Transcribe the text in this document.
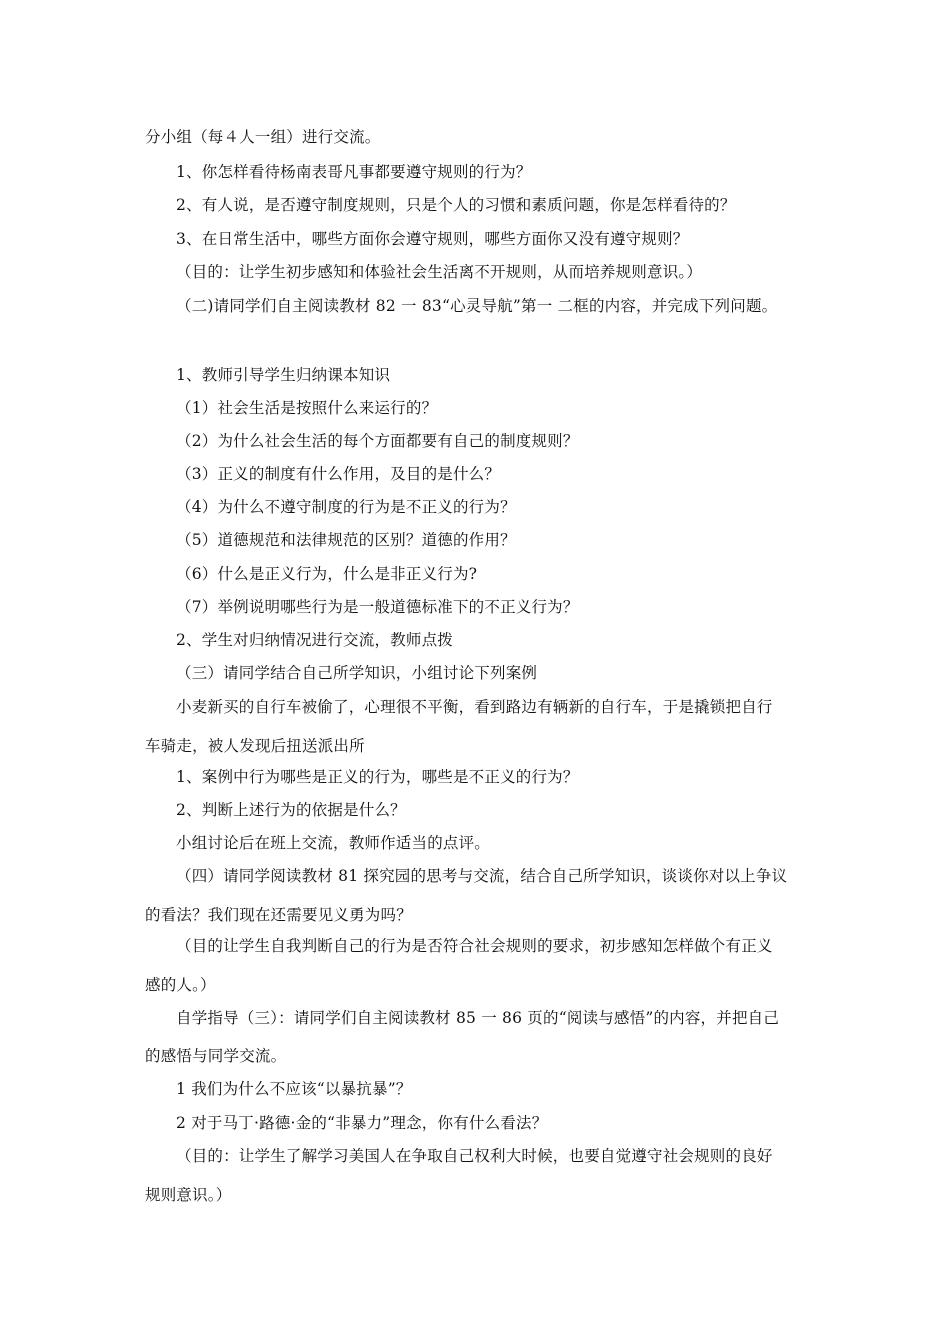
分小组（每４人一组）进行交流。
1、你怎样看待杨南表哥凡事都要遵守规则的行为？
2、有人说，是否遵守制度规则，只是个人的习惯和素质问题，你是怎样看待的？
3、在日常生活中，哪些方面你会遵守规则，哪些方面你又没有遵守规则？
（目的：让学生初步感知和体验社会生活离不开规则，从而培养规则意识。）
（二)请同学们自主阅读教材 82 一 83“心灵导航”第一 二框的内容，并完成下列问题。
1、教师引导学生归纳课本知识
（1）社会生活是按照什么来运行的？
（2）为什么社会生活的每个方面都要有自己的制度规则？
（3）正义的制度有什么作用，及目的是什么？
（4）为什么不遵守制度的行为是不正义的行为？
（5）道德规范和法律规范的区别？道德的作用？
（6）什么是正义行为，什么是非正义行为?
（7）举例说明哪些行为是一般道德标准下的不正义行为？
2、学生对归纳情况进行交流，教师点拨
（三）请同学结合自己所学知识，小组讨论下列案例
小麦新买的自行车被偷了，心理很不平衡，看到路边有辆新的自行车，于是撬锁把自行
车骑走，被人发现后扭送派出所
1、案例中行为哪些是正义的行为，哪些是不正义的行为？
2、判断上述行为的依据是什么？
小组讨论后在班上交流，教师作适当的点评。
（四）请同学阅读教材 81 探究园的思考与交流，结合自己所学知识，谈谈你对以上争议
的看法？我们现在还需要见义勇为吗？
（目的让学生自我判断自己的行为是否符合社会规则的要求，初步感知怎样做个有正义
感的人。）
自学指导（三）：请同学们自主阅读教材 85 一 86 页的“阅读与感悟”的内容，并把自己
的感悟与同学交流。
1 我们为什么不应该“以暴抗暴”？
2 对于马丁·路德·金的“非暴力”理念，你有什么看法？
（目的：让学生了解学习美国人在争取自己权利大时候，也要自觉遵守社会规则的良好
规则意识。）
